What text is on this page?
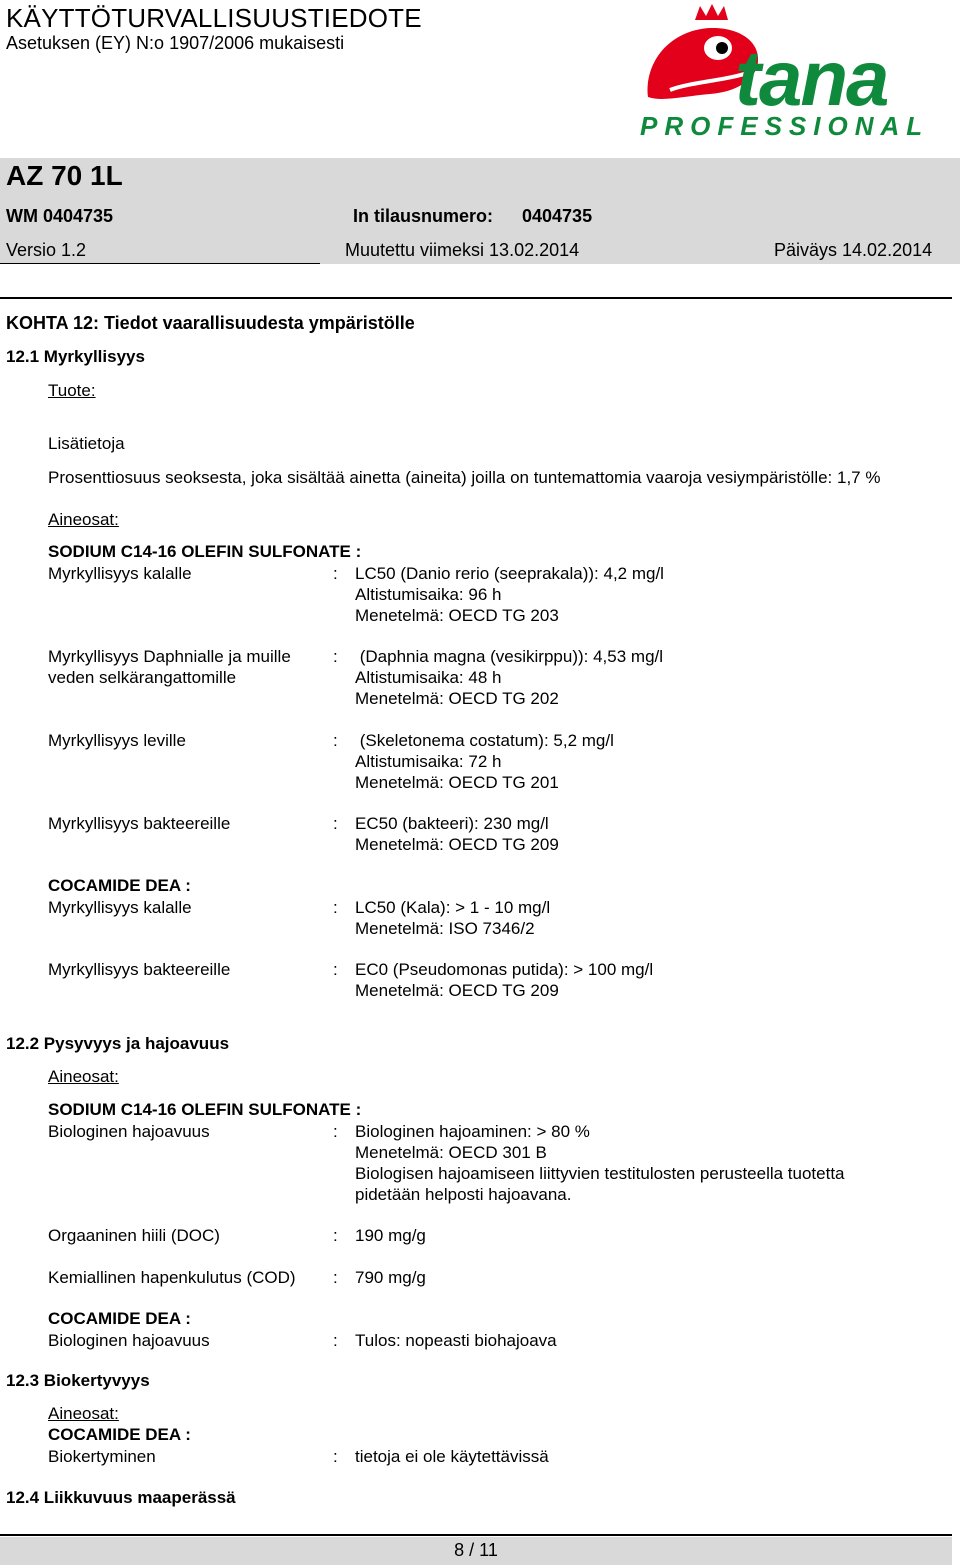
KÄYTTÖTURVALLISUUSTIEDOTE
Asetuksen (EY) N:o 1907/2006 mukaisesti	tana
PROFESSIONAL
AZ 70 1L
WM 0404735	In tilausnumero: 0404735
Versio 1.2	Muutettu viimeksi 13.02.2014	Päiväys 14.02.2014
KOHTA 12: Tiedot vaarallisuudesta ympäristölle
12.1 Myrkyllisyys
Tuote:
Lisätietoja
Prosenttiosuus seoksesta, joka sisältää ainetta (aineita) joilla on tuntemattomia vaaroja vesiympäristölle: 1,7 %
Aineosat:
SODIUM C14-16 OLEFIN SULFONATE :
Myrkyllisyys kalalle	: LC50 (Danio rerio (seeprakala)): 4,2 mg/l
Altistumisaika: 96 h
Menetelmä: OECD TG 203
Myrkyllisyys Daphnialle ja muille
veden selkärangattomille
: (Daphnia magna (vesikirppu)): 4,53 mg/l
Altistumisaika: 48 h
Menetelmä: OECD TG 202
Myrkyllisyys leville	: (Skeletonema costatum): 5,2 mg/l
Altistumisaika: 72 h
Menetelmä: OECD TG 201
Myrkyllisyys bakteereille	: EC50 (bakteeri): 230 mg/l
Menetelmä: OECD TG 209
COCAMIDE DEA :
Myrkyllisyys kalalle	: LC50 (Kala): > 1 - 10 mg/l
Menetelmä: ISO 7346/2
Myrkyllisyys bakteereille	: EC0 (Pseudomonas putida): > 100 mg/l
Menetelmä: OECD TG 209
12.2 Pysyvyys ja hajoavuus
Aineosat:
SODIUM C14-16 OLEFIN SULFONATE :
Biologinen hajoavuus	: Biologinen hajoaminen: > 80 %
Menetelmä: OECD 301 B
Biologisen hajoamiseen liittyvien testitulosten perusteella tuotetta
pidetään helposti hajoavana.
Orgaaninen hiili (DOC)	: 190 mg/g
Kemiallinen hapenkulutus (COD) : 790 mg/g
COCAMIDE DEA :
Biologinen hajoavuus	: Tulos: nopeasti biohajoava
12.3 Biokertyvyys
Aineosat:
COCAMIDE DEA :
Biokertyminen	: tietoja ei ole käytettävissä
12.4 Liikkuvuus maaperässä
8 / 11
